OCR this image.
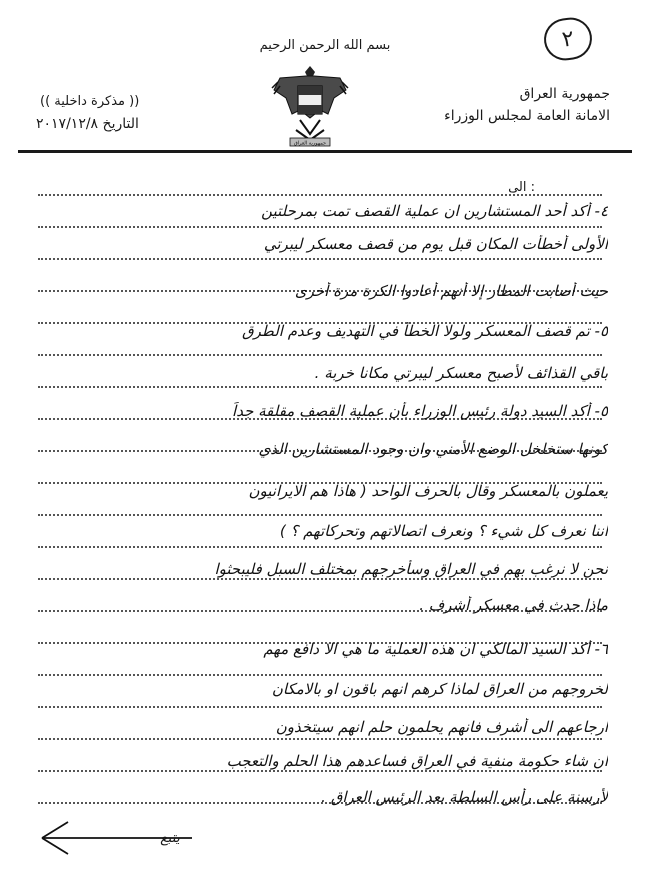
٢
بسم الله الرحمن الرحيم
(( مذكرة داخلية ))
التاريخ ٢٠١٧/١٢/٨
جمهورية العراق
جمهورية العراق
الامانة العامة لمجلس الوزراء
الى :
٤- أكد أحد المستشارين ان عملية القصف تمت بمرحلتين
الأولى أخطأت المكان قبل يوم من قصف معسكر ليبرتي
حيث أصابت المطار إلا أنهم أعادوا الكرة مرة أخرى
٥- تم قصف المعسكر ولولا الخطأ في التهديف وعدم الطرق
باقي القذائف لأصبح معسكر ليبرتي مكانا خربة .
٥- أكد السيد دولة رئيس الوزراء بأن عملية القصف مقلقة جداً
كونها ستخلخل الوضع الأمني وان وجود المستشارين الذي
يعملون بالمعسكر وقال بالحرف الواحد ( هاذا هم الايرانيون
اننا نعرف كل شيء ؟ ونعرف اتصالاتهم وتحركاتهم ؟ )
نحن لا نرغب بهم في العراق وسأخرجهم بمختلف السبل فليبحثوا
ماذا حدث في معسكر أشرف .
٦- أكد السيد المالكي ان هذه العملية ما هي الا دافع مهم
لخروجهم من العراق لماذا كرهم انهم باقون او بالامكان
ارجاعهم الى أشرف فانهم يحلمون حلم انهم سيتخذون
ان شاء حكومة منفية في العراق فساعدهم هذا الحلم والتعجب
لأرسنة على رأس السلطة بعد الرئيس العراق .
يتبع
